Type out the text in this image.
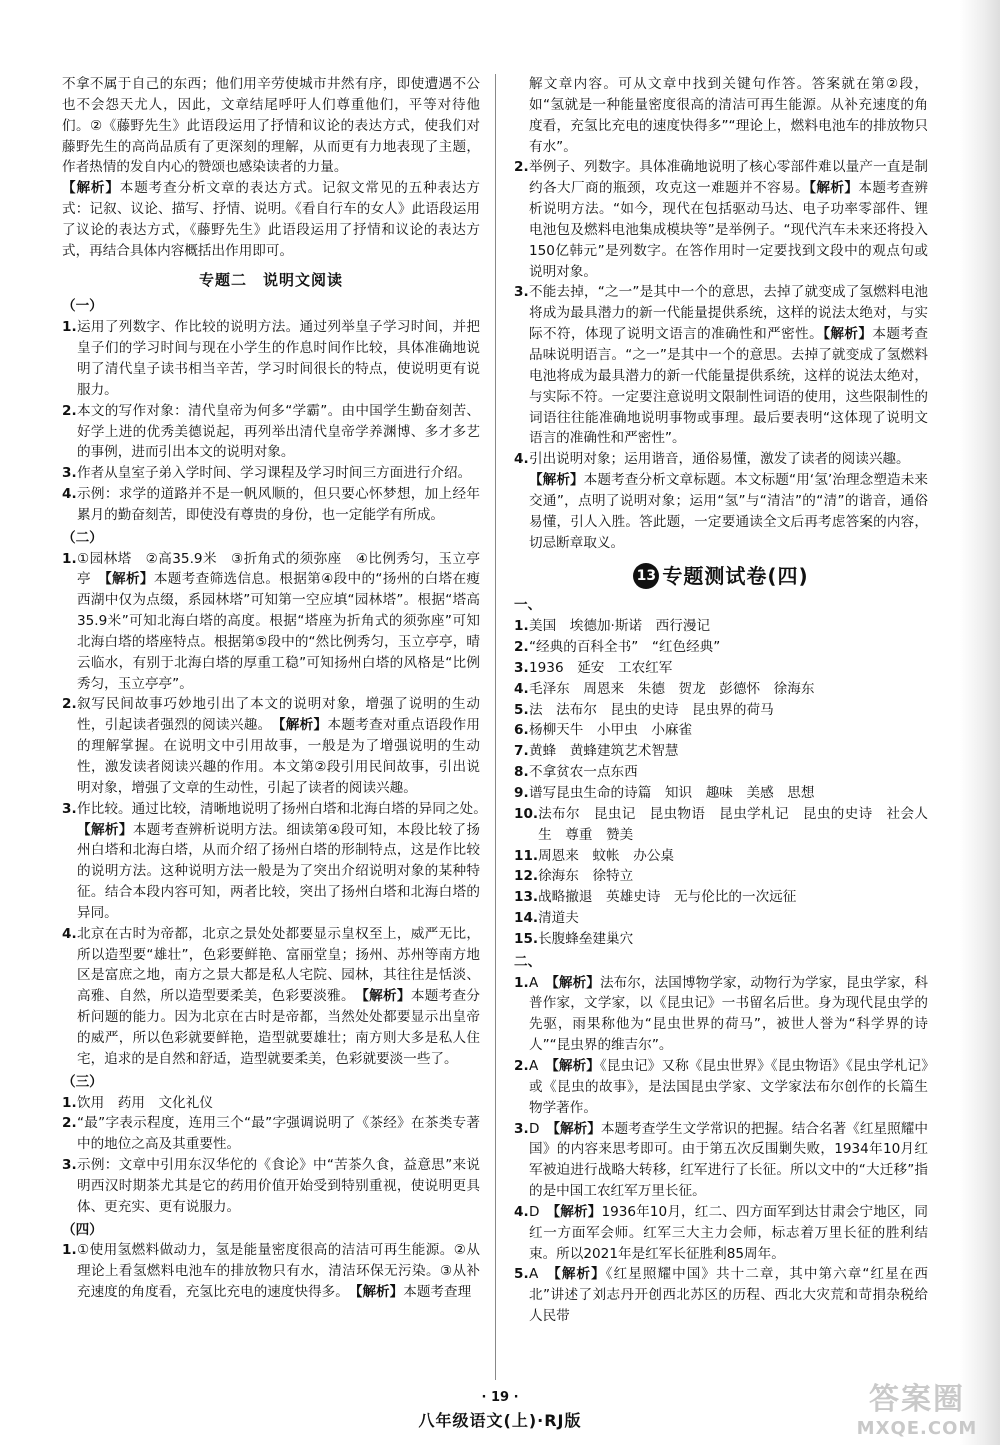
不拿不属于自己的东西；他们用辛劳使城市井然有序，即使遭遇不公也不会怨天尤人，因此，文章结尾呼吁人们尊重他们，平等对待他们。②《藤野先生》此语段运用了抒情和议论的表达方式，使我们对藤野先生的高尚品质有了更深刻的理解，从而更有力地表现了主题，作者热情的发自内心的赞颂也感染读者的力量。

【解析】本题考查分析文章的表达方式。记叙文常见的五种表达方式：记叙、议论、描写、抒情、说明。《看自行车的女人》此语段运用了议论的表达方式，《藤野先生》此语段运用了抒情和议论的表达方式，再结合具体内容概括出作用即可。

专题二　说明文阅读
（一）
1. 运用了列数字、作比较的说明方法。通过列举皇子学习时间，并把皇子们的学习时间与现在小学生的作息时间作比较，具体准确地说明了清代皇子读书相当辛苦，学习时间很长的特点，使说明更有说服力。
2. 本文的写作对象：清代皇帝为何多“学霸”。由中国学生勤奋刻苦、好学上进的优秀美德说起，再列举出清代皇帝学养渊博、多才多艺的事例，进而引出本文的说明对象。
3. 作者从皇室子弟入学时间、学习课程及学习时间三方面进行介绍。
4. 示例：求学的道路并不是一帆风顺的，但只要心怀梦想，加上经年累月的勤奋刻苦，即使没有尊贵的身份，也一定能学有所成。
（二）
1. ①园林塔　②高35.9米　③折角式的须弥座　④比例秀匀，玉立亭亭　【解析】本题考查筛选信息。根据第④段中的“扬州的白塔在瘦西湖中仅为点缀，系园林塔”可知第一空应填“园林塔”。根据“塔高35.9米”可知北海白塔的高度。根据“塔座为折角式的须弥座”可知北海白塔的塔座特点。根据第⑤段中的“然比例秀匀，玉立亭亭，晴云临水，有别于北海白塔的厚重工稳”可知扬州白塔的风格是“比例秀匀，玉立亭亭”。
2. 叙写民间故事巧妙地引出了本文的说明对象，增强了说明的生动性，引起读者强烈的阅读兴趣。　【解析】本题考查对重点语段作用的理解掌握。在说明文中引用故事，一般是为了增强说明的生动性，激发读者阅读兴趣的作用。本文第②段引用民间故事，引出说明对象，增强了文章的生动性，引起了读者的阅读兴趣。
3. 作比较。通过比较，清晰地说明了扬州白塔和北海白塔的异同之处。　【解析】本题考查辨析说明方法。细读第④段可知，本段比较了扬州白塔和北海白塔，从而介绍了扬州白塔的形制特点，这是作比较的说明方法。这种说明方法一般是为了突出介绍说明对象的某种特征。结合本段内容可知，两者比较，突出了扬州白塔和北海白塔的异同。
4. 北京在古时为帝都，北京之景处处都要显示皇权至上，威严无比，所以造型要“雄壮”，色彩要鲜艳、富丽堂皇；扬州、苏州等南方地区是富庶之地，南方之景大都是私人宅院、园林，其往往是恬淡、高雅、自然，所以造型要柔美，色彩要淡雅。　【解析】本题考查分析问题的能力。因为北京在古时是帝都，当然处处都要显示出皇帝的威严，所以色彩就要鲜艳，造型就要雄壮；南方则大多是私人住宅，追求的是自然和舒适，造型就要柔美，色彩就要淡一些了。
（三）
1. 饮用　药用　文化礼仪
2. “最”字表示程度，连用三个“最”字强调说明了《茶经》在茶类专著中的地位之高及其重要性。
3. 示例：文章中引用东汉华佗的《食论》中“苦茶久食，益意思”来说明西汉时期茶尤其是它的药用价值开始受到特别重视，使说明更具体、更充实、更有说服力。
（四）
1. ①使用氢燃料做动力，氢是能量密度很高的洁洁可再生能源。②从理论上看氢燃料电池车的排放物只有水，清洁环保无污染。③从补充速度的角度看，充氢比充电的速度快得多。　【解析】本题考查理

解文章内容。可从文章中找到关键句作答。答案就在第②段，如“氢就是一种能量密度很高的清洁可再生能源。从补充速度的角度看，充氢比充电的速度快得多”“理论上，燃料电池车的排放物只有水”。

2. 举例子、列数字。具体准确地说明了核心零部件难以量产一直是制约各大厂商的瓶颈，攻克这一难题并不容易。【解析】本题考查辨析说明方法。“如今，现代在包括驱动马达、电子功率零部件、锂电池包及燃料电池集成模块等”是举例子。“现代汽车未来还将投入150亿韩元”是列数字。在答作用时一定要找到文段中的观点句或说明对象。
3. 不能去掉，“之一”是其中一个的意思，去掉了就变成了氢燃料电池将成为最具潜力的新一代能量提供系统，这样的说法太绝对，与实际不符，体现了说明文语言的准确性和严密性。【解析】本题考查品味说明语言。“之一”是其中一个的意思。去掉了就变成了氢燃料电池将成为最具潜力的新一代能量提供系统，这样的说法太绝对，与实际不符。一定要注意说明文限制性词语的使用，这些限制性的词语往往能准确地说明事物或事理。最后要表明“这体现了说明文语言的准确性和严密性”。
4. 引出说明对象；运用谐音，通俗易懂，激发了读者的阅读兴趣。
【解析】本题考查分析文章标题。本文标题“用‘氢’治理念塑造未来交通”，点明了说明对象；运用“氢”与“清洁”的“清”的谐音，通俗易懂，引人入胜。答此题，一定要通读全文后再考虑答案的内容，切忌断章取义。
13 专题测试卷(四)
一、
1. 美国　埃德加·斯诺　西行漫记
2. “经典的百科全书”　“红色经典”
3. 1936　延安　工农红军
4. 毛泽东　周恩来　朱德　贺龙　彭德怀　徐海东
5. 法　法布尔　昆虫的史诗　昆虫界的荷马
6. 杨柳天牛　小甲虫　小麻雀
7. 黄蜂　黄蜂建筑艺术智慧
8. 不拿贫农一点东西
9. 谱写昆虫生命的诗篇　知识　趣味　美感　思想
10. 法布尔　昆虫记　昆虫物语　昆虫学札记　昆虫的史诗　社会人生　尊重　赞美
11. 周恩来　蚊帐　办公桌
12. 徐海东　徐特立
13. 战略撤退　英雄史诗　无与伦比的一次远征
14. 清道夫
15. 长腹蜂垒建巢穴
二、
1. A　【解析】法布尔，法国博物学家，动物行为学家，昆虫学家，科普作家，文学家，以《昆虫记》一书留名后世。身为现代昆虫学的先驱，雨果称他为“昆虫世界的荷马”，被世人誉为“科学界的诗人”“昆虫界的维吉尔”。
2. A　【解析】《昆虫记》又称《昆虫世界》《昆虫物语》《昆虫学札记》或《昆虫的故事》，是法国昆虫学家、文学家法布尔创作的长篇生物学著作。
3. D　【解析】本题考查学生文学常识的把握。结合名著《红星照耀中国》的内容来思考即可。由于第五次反围剿失败，1934年10月红军被迫进行战略大转移，红军进行了长征。所以文中的“大迁移”指的是中国工农红军万里长征。
4. D　【解析】1936年10月，红二、四方面军到达甘肃会宁地区，同红一方面军会师。红军三大主力会师，标志着万里长征的胜利结束。所以2021年是红军长征胜利85周年。
5. A　【解析】《红星照耀中国》共十二章，其中第六章“红星在西北”讲述了刘志丹开创西北苏区的历程、西北大灾荒和苛捐杂税给人民带
· 19 ·
八年级语文(上)·RJ版
答案圈
MXQE.COM
